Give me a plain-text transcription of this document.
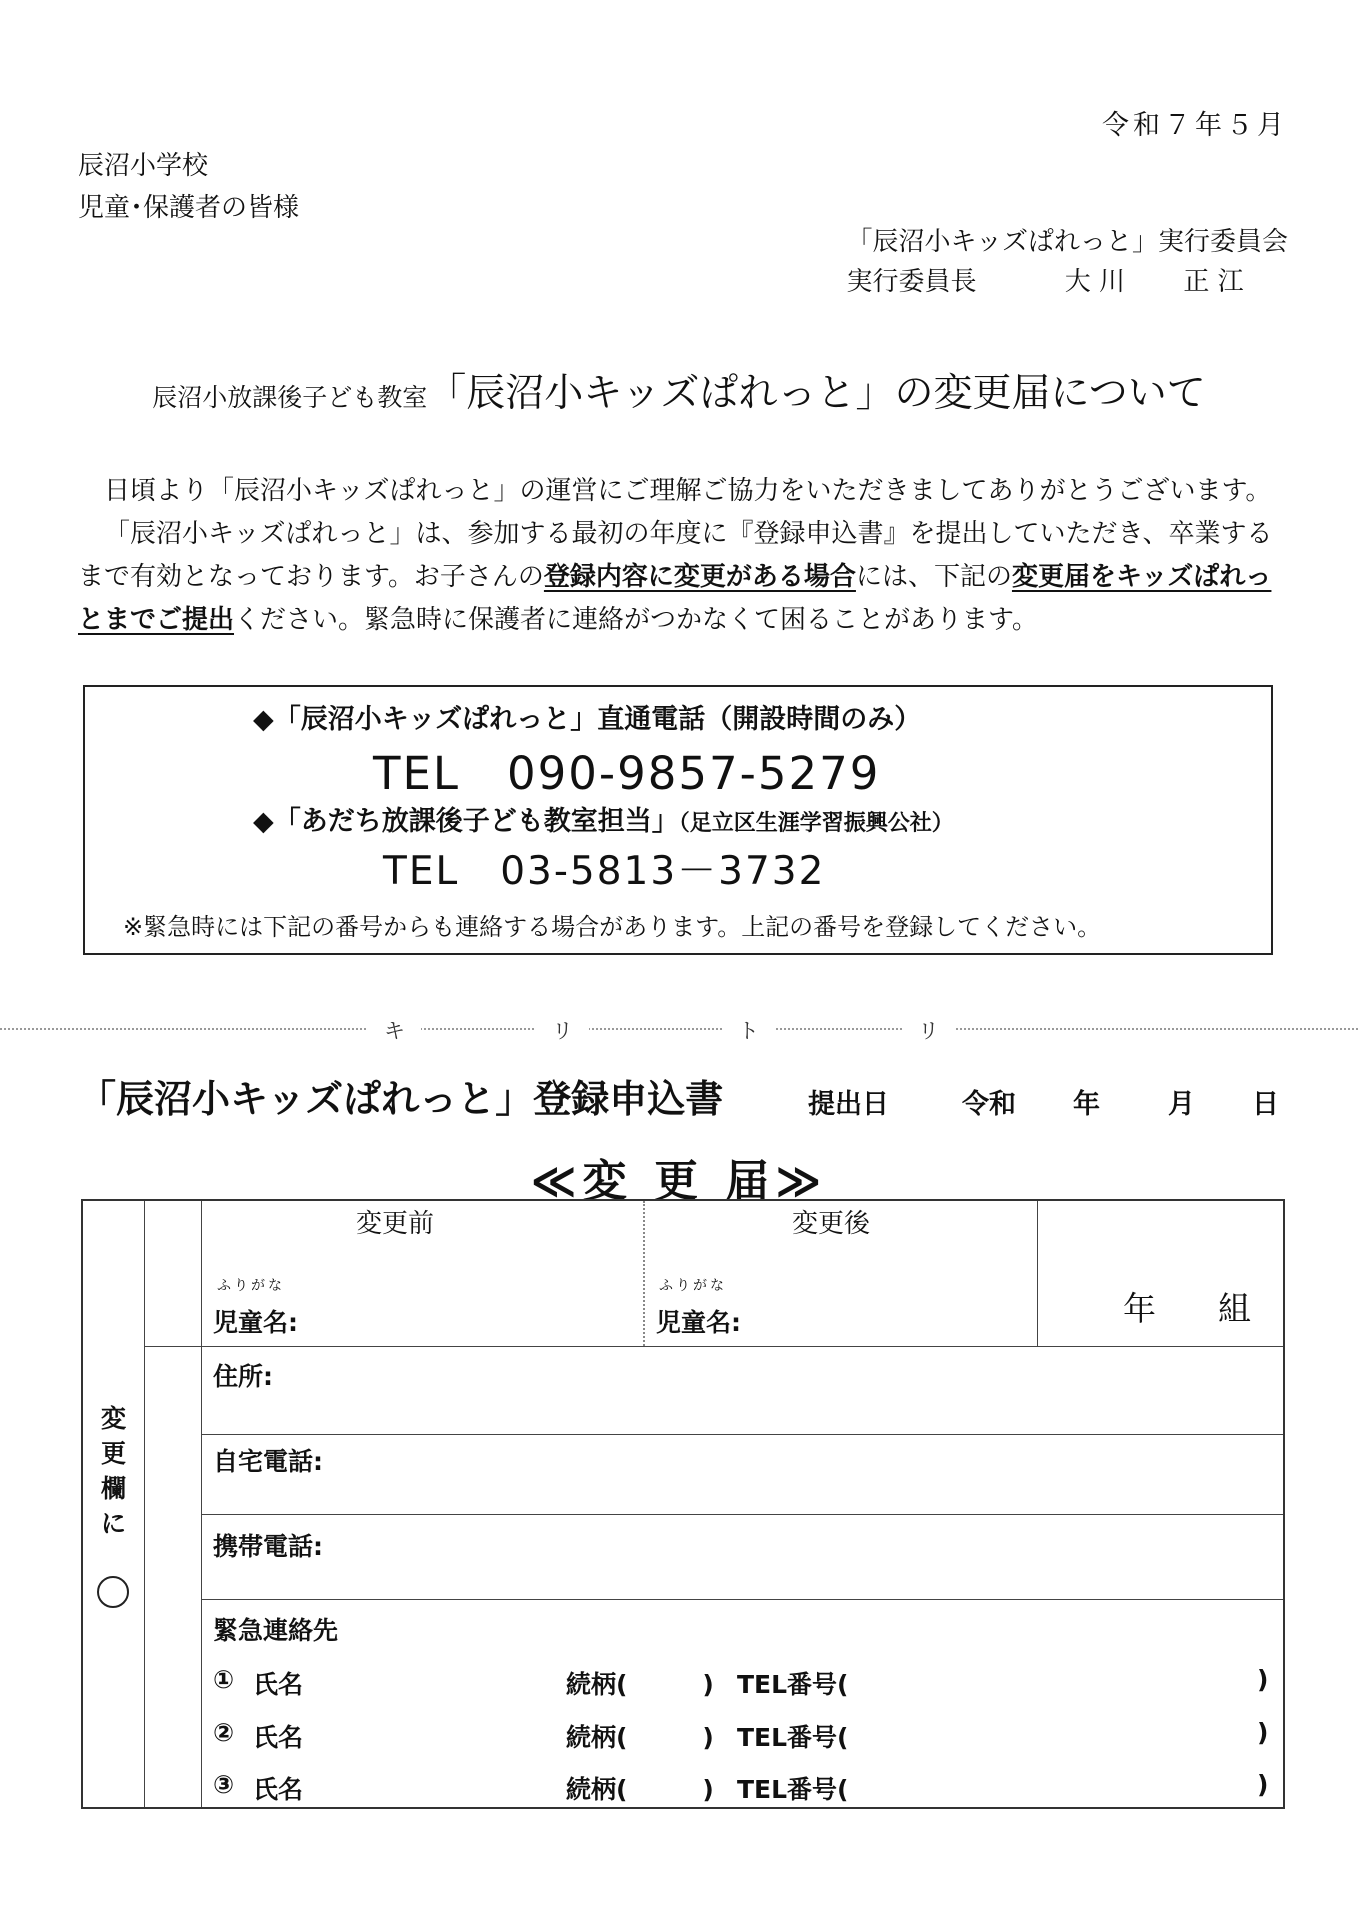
令和７年５月
辰沼小学校
児童･保護者の皆様
「辰沼小キッズぱれっと」実行委員会
実行委員長	大 川 正 江
辰沼小放課後子ども教室「辰沼小キッズぱれっと」の変更届について
日頃より「辰沼小キッズぱれっと」の運営にご理解ご協力をいただきましてありがとうございます。
「辰沼小キッズぱれっと」は、参加する最初の年度に『登録申込書』を提出していただき、卒業するまで有効となっております。お子さんの登録内容に変更がある場合には、下記の変更届をキッズぱれっとまでご提出ください。緊急時に保護者に連絡がつかなくて困ることがあります。
◆「辰沼小キッズぱれっと」直通電話（開設時間のみ）
TEL　090-9857-5279
◆「あだち放課後子ども教室担当」（足立区生涯学習振興公社）
TEL　03-5813－3732
※緊急時には下記の番号からも連絡する場合があります。上記の番号を登録してください。
キ	リ	ト	リ
「辰沼小キッズぱれっと」登録申込書	提出日	令和 年	月 日
≪変 更 届≫
変更欄に
変更前	変更後
ふりがな	ふりがな
児童名:	児童名:	年 組
住所:
自宅電話:
携帯電話:
緊急連絡先
① 氏名	続柄(　　　) TEL番号(	)
② 氏名	続柄(　　　) TEL番号(	)
③ 氏名	続柄(　　　) TEL番号(	)
